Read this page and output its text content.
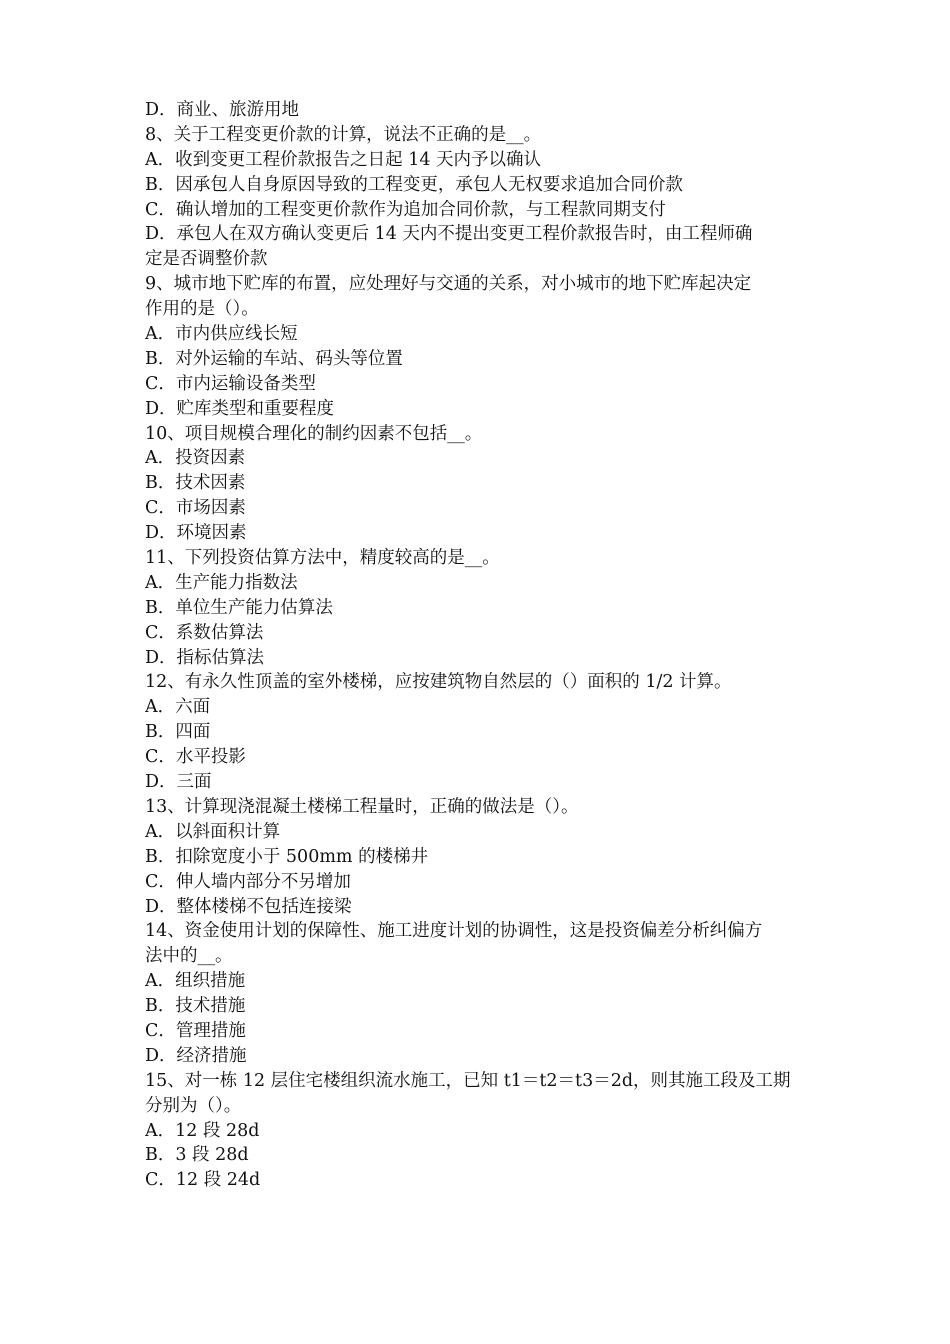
D．商业、旅游用地
8、关于工程变更价款的计算，说法不正确的是__。
A．收到变更工程价款报告之日起 14 天内予以确认
B．因承包人自身原因导致的工程变更，承包人无权要求追加合同价款
C．确认增加的工程变更价款作为追加合同价款，与工程款同期支付
D．承包人在双方确认变更后 14 天内不提出变更工程价款报告时，由工程师确
定是否调整价款
9、城市地下贮库的布置，应处理好与交通的关系，对小城市的地下贮库起决定
作用的是（）。
A．市内供应线长短
B．对外运输的车站、码头等位置
C．市内运输设备类型
D．贮库类型和重要程度
10、项目规模合理化的制约因素不包括__。
A．投资因素
B．技术因素
C．市场因素
D．环境因素
11、下列投资估算方法中，精度较高的是__。
A．生产能力指数法
B．单位生产能力估算法
C．系数估算法
D．指标估算法
12、有永久性顶盖的室外楼梯，应按建筑物自然层的（）面积的 1/2 计算。
A．六面
B．四面
C．水平投影
D．三面
13、计算现浇混凝土楼梯工程量时，正确的做法是（）。
A．以斜面积计算
B．扣除宽度小于 500mm 的楼梯井
C．伸人墙内部分不另增加
D．整体楼梯不包括连接梁
14、资金使用计划的保障性、施工进度计划的协调性，这是投资偏差分析纠偏方
法中的__。
A．组织措施
B．技术措施
C．管理措施
D．经济措施
15、对一栋 12 层住宅楼组织流水施工，已知 t1＝t2＝t3＝2d，则其施工段及工期
分别为（）。
A．12 段 28d
B．3 段 28d
C．12 段 24d
